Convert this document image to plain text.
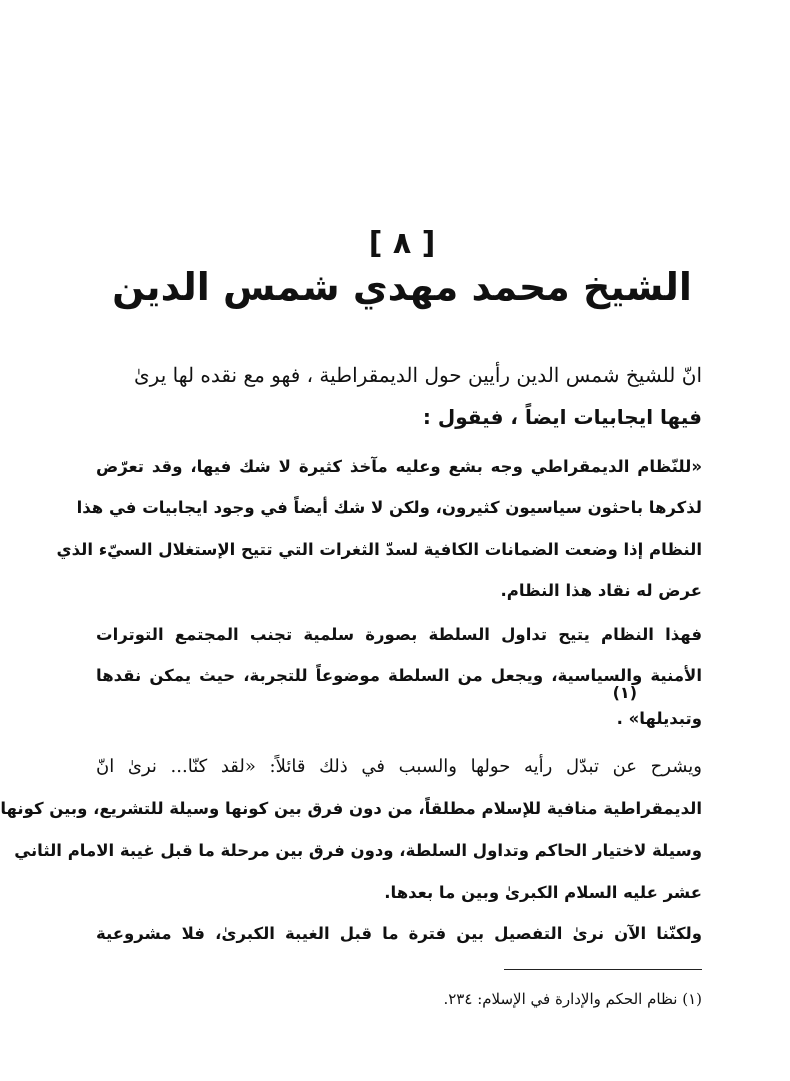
[ ٨ ]
الشيخ محمد مهدي شمس الدين
انّ للشيخ شمس الدين رأيين حول الديمقراطية ، فهو مع نقده لها يرىٰ
فيها ايجابيات ايضاً ، فيقول :
«للنّظام الديمقراطي وجه بشع وعليه مآخذ كثيرة لا شك فيها، وقد تعرّض
لذكرها باحثون سياسيون كثيرون، ولكن لا شك أيضاً في وجود ايجابيات في هذا
النظام إذا وضعت الضمانات الكافية لسدّ الثغرات التي تتيح الإستغلال السيّء الذي
عرض له نقاد هذا النظام.
فهذا النظام يتيح تداول السلطة بصورة سلمية تجنب المجتمع التوترات
الأمنية والسياسية، ويجعل من السلطة موضوعاً للتجربة، حيث يمكن نقدها
وتبديلها» .
(١)
ويشرح عن تبدّل رأيه حولها والسبب في ذلك قائلاً: «لقد كنّا... نرىٰ انّ
الديمقراطية منافية للإسلام مطلقاً، من دون فرق بين كونها وسيلة للتشريع، وبين كونها
وسيلة لاختيار الحاكم وتداول السلطة، ودون فرق بين مرحلة ما قبل غيبة الامام الثاني
عشر عليه السلام الكبرىٰ وبين ما بعدها.
ولكنّنا الآن نرىٰ التفصيل بين فترة ما قبل الغيبة الكبرىٰ، فلا مشروعية
(١) نظام الحكم والإدارة في الإسلام: ٢٣٤.
